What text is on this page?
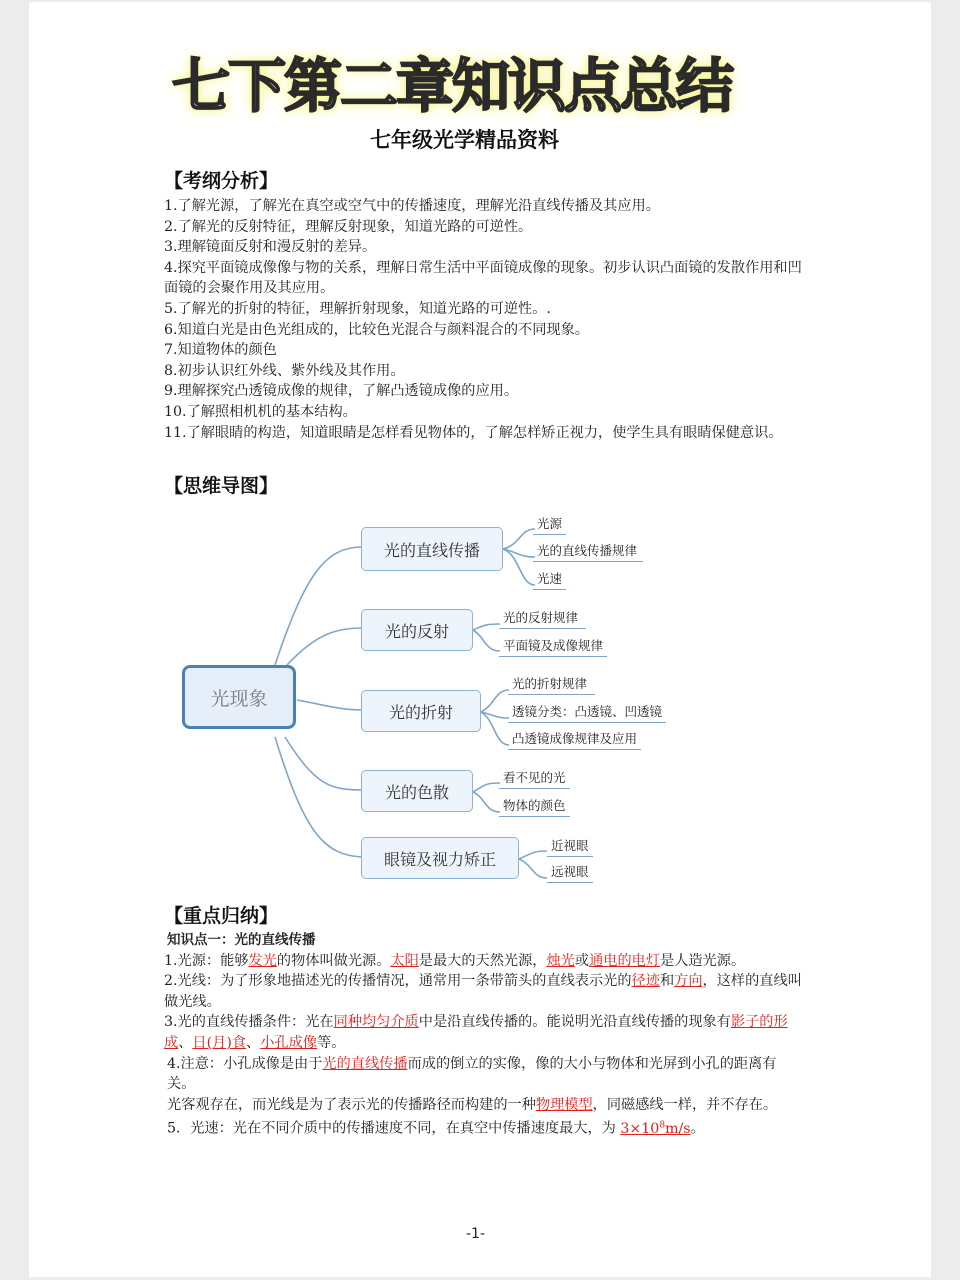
七下第二章知识点总结
七年级光学精品资料
【考纲分析】

1.了解光源，了解光在真空或空气中的传播速度，理解光沿直线传播及其应用。

2.了解光的反射特征，理解反射现象，知道光路的可逆性。

3.理解镜面反射和漫反射的差异。

4.探究平面镜成像像与物的关系，理解日常生活中平面镜成像的现象。初步认识凸面镜的发散作用和凹面镜的会聚作用及其应用。

5.了解光的折射的特征，理解折射现象，知道光路的可逆性。.

6.知道白光是由色光组成的，比较色光混合与颜料混合的不同现象。

7.知道物体的颜色

8.初步认识红外线、紫外线及其作用。

9.理解探究凸透镜成像的规律，了解凸透镜成像的应用。

10.了解照相机机的基本结构。

11.了解眼睛的构造，知道眼睛是怎样看见物体的，了解怎样矫正视力，使学生具有眼睛保健意识。

【思维导图】
光现象
光的直线传播
光源
光的直线传播规律
光速
光的反射
光的反射规律
平面镜及成像规律
光的折射
光的折射规律
透镜分类：凸透镜、凹透镜
凸透镜成像规律及应用
光的色散
看不见的光
物体的颜色
眼镜及视力矫正
近视眼
远视眼
【重点归纳】
知识点一：光的直线传播

1.光源：能够发光的物体叫做光源。太阳是最大的天然光源，烛光或通电的电灯是人造光源。

2.光线：为了形象地描述光的传播情况，通常用一条带箭头的直线表示光的径迹和方向，这样的直线叫做光线。

3.光的直线传播条件：光在同种均匀介质中是沿直线传播的。能说明光沿直线传播的现象有影子的形成、日(月)食、小孔成像等。

4.注意：小孔成像是由于光的直线传播而成的倒立的实像，像的大小与物体和光屏到小孔的距离有关。

光客观存在，而光线是为了表示光的传播路径而构建的一种物理模型，同磁感线一样，并不存在。

5．光速：光在不同介质中的传播速度不同，在真空中传播速度最大，为 $3\times 10^8m/s$。

-1-
